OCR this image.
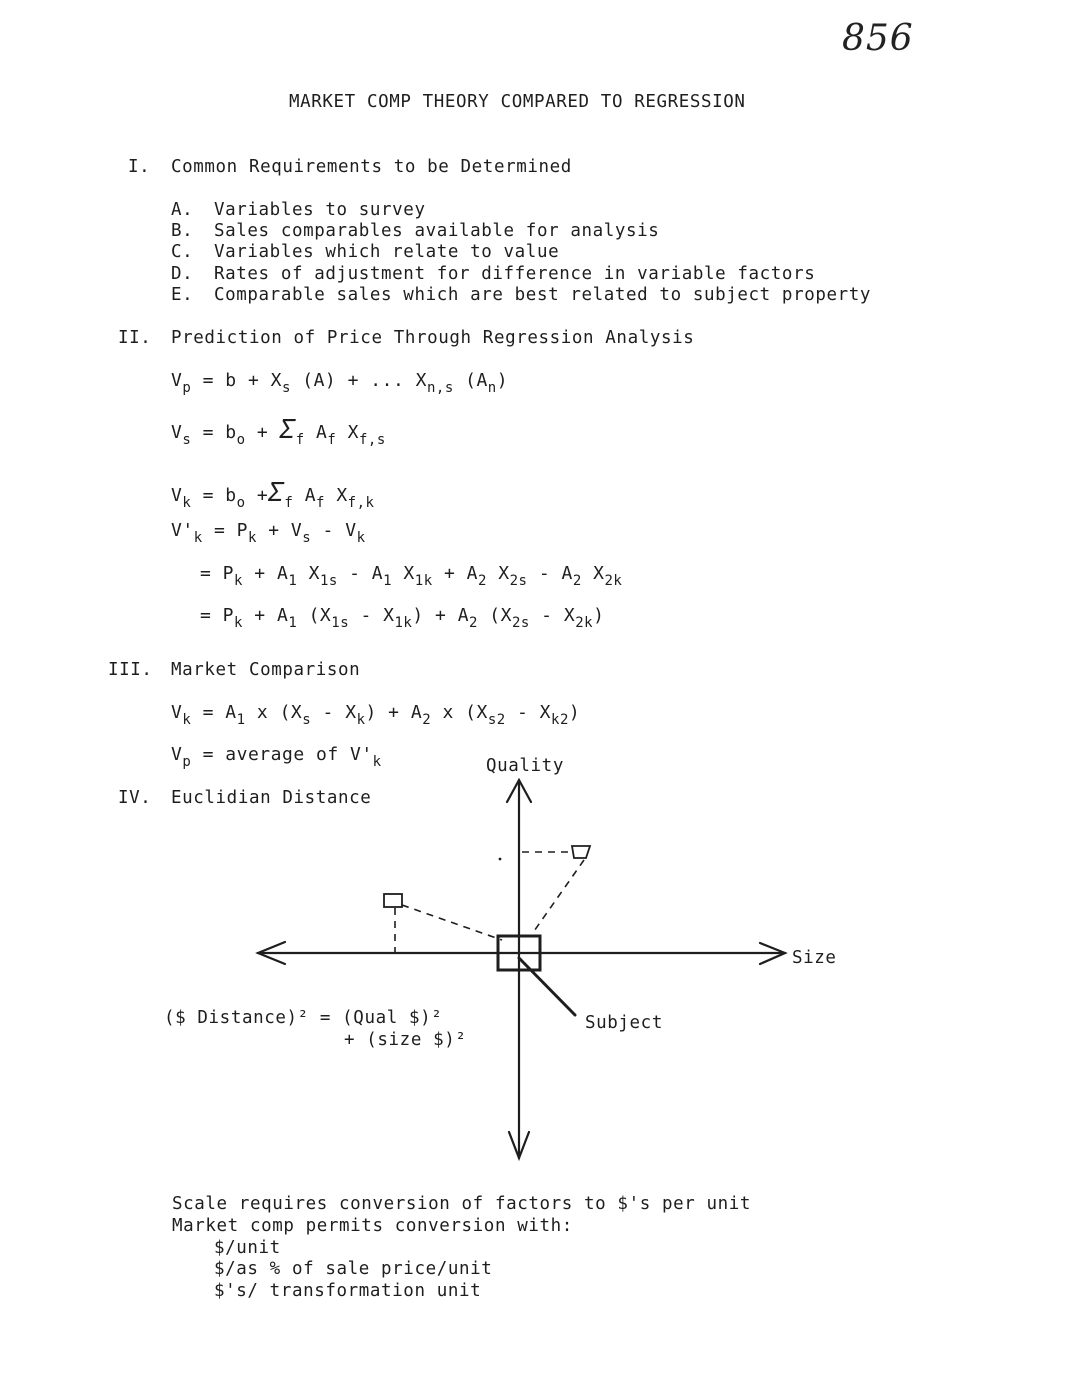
856
MARKET COMP THEORY COMPARED TO REGRESSION
I. Common Requirements to be Determined
A. Variables to survey
B. Sales comparables available for analysis
C. Variables which relate to value
D. Rates of adjustment for difference in variable factors
E. Comparable sales which are best related to subject property
II. Prediction of Price Through Regression Analysis
$V_p = b + X_s$ (A) + ... $X_{n,s}$ $(A_n)$
$V_s = b_o + \Sigma_f$ $A_f$ $X_{f,s}$
$V_k = b_o +\Sigma_f$ $A_f$ $X_{f,k}$
$V'_k = P_k + V_s - V_k$
= $P_k + A_1$ $X_{1s} - A_1$ $X_{1k} + A_2$ $X_{2s} - A_2$ $X_{2k}$
= $P_k + A_1$ $(X_{1s} - X_{1k}) + A_2$ $(X_{2s} - X_{2k})$
III. Market Comparison
$V_k = A_1$ x $(X_s - X_k) + A_2$ x $(X_{s2} - X_{k2})$
$V_p$ = average of $V'_k$
IV. Euclidian Distance
Quality
Size
Subject
($ Distance)² = (Qual $)²
+ (size $)²
Scale requires conversion of factors to $'s per unit
Market comp permits conversion with:
$/unit
$/as % of sale price/unit
$'s/ transformation unit
